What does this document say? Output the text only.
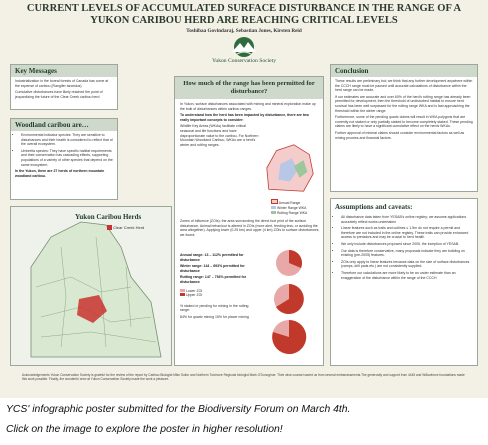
CURRENT LEVELS OF ACCUMULATED SURFACE DISTURBANCE IN THE RANGE OF A YUKON CARIBOU HERD ARE REACHING CRITICAL LEVELS
Toshibaa Govindaraj, Sebastian Jones, Kirsten Reid
Yukon Conservation Society
Key Messages

Industrialization in the boreal forests of Canada has come at the expense of caribou (Rangifer tarandus)

Cumulative disturbances have likely reached the point of jeopardizing the future of the Clear Creek caribou herd

Woodland caribou are…
• Environmental indicator species: They are sensitive to disturbances and their health is considered to reflect that of the overall ecosystem.
• Umbrella species: They have specific habitat requirements and their conservation has cascading effects, supporting populations of a variety of other species that depend on the same ecosystem.

In the Yukon, there are 27 herds of northern mountain woodland caribou.

Yukon Caribou Herds
Clear Creek Herd
How much of the range has been permitted for disturbance?

In Yukon, surface disturbances associated with mining and mineral exploration make up the bulk of disturbances within caribou ranges.

To understand how the herd has been impacted by disturbance, there are two really important concepts to consider:

Wildlife Key Areas (WKAs) facilitate critical seasonal and life functions and have disproportionate value to the caribou. For Northern Mountain Woodland Caribou, WKAs are a herd's winter and rutting ranges.

Annual Range
Winter Range WKA
Rutting Range WKA

Zones of Influence (ZOIs): the area surrounding the direct foot print of the surface disturbance. Animal behaviour is altered in ZOIs (more alert, feeding less, or avoiding the area altogether). Applying lower (0.25 km) and upper (4 km) ZOIs to surface disturbances, we found:

Annual range: 13 – 112% permitted for disturbance

Winter range: 144 – 693% permitted for disturbance

Rutting range: 147 – 754% permitted for disturbance

Lower ZOI
Upper ZOI

% staked or pending for mining in the rutting range:

84% for quartz mining 15% for placer mining

Conclusion

These results are preliminary but; we think that any further development anywhere within the CCCH range must be paused until accurate calculations of disturbance within the herd range can be made.

If our estimates are accurate and over 60% of the herd's rutting range has already been permitted for development, then the threshold of undisturbed habitat to ensure herd survival has been well surpassed for the rutting range WKA and is fast approaching the threshold within the winter range.

Furthermore, some of the pending quartz claims will result in WKA polygons that are currently not staked or only partially staked to become completely staked. These pending claims are likely to have a significant cumulative effect on the herds WKAs.

Further approval of mineral claims should consider environmental factors as well as mining process and financial factors.

Assumptions and caveats:
• All disturbance data taken from YESAB's online registry; we assume applications accurately reflect works undertaken
• Linear features such as trails and cutlines ≤ 1.5m do not require a permit and therefore are not included in the online registry. These trails can provide enhanced access to predators and may be crucial to herd health
• We only include disturbances proposed since 2005, the inception of YESAB.
• Our data is therefore conservative, many proposals indicate they are building on existing (pre-2005) features.
• ZOIs only apply to linear features because data on the size of surface disturbances (camps, drill pads etc.) are not consistently supplied.
• Therefore our calculations are more likely to be an under estimate than an exaggeration of the disturbance within the range of the CCCH
Acknowledgements Yukon Conservation Society is grateful for the review of the report by Caribou Biologist Mike Suitor and Northern Tutchone Regional biologist Mark O'Donoghue. Their wise counsel saved us from several embarrassments.The generosity and support from 4445 and Willowforce foundations made this work possible. Finally, the wonderful crew at Yukon Conservation Society made the work a pleasure.
YCS' infographic poster submitted for the Biodiversity Forum on March 4th.
Click on the image to explore the poster in higher resolution!
